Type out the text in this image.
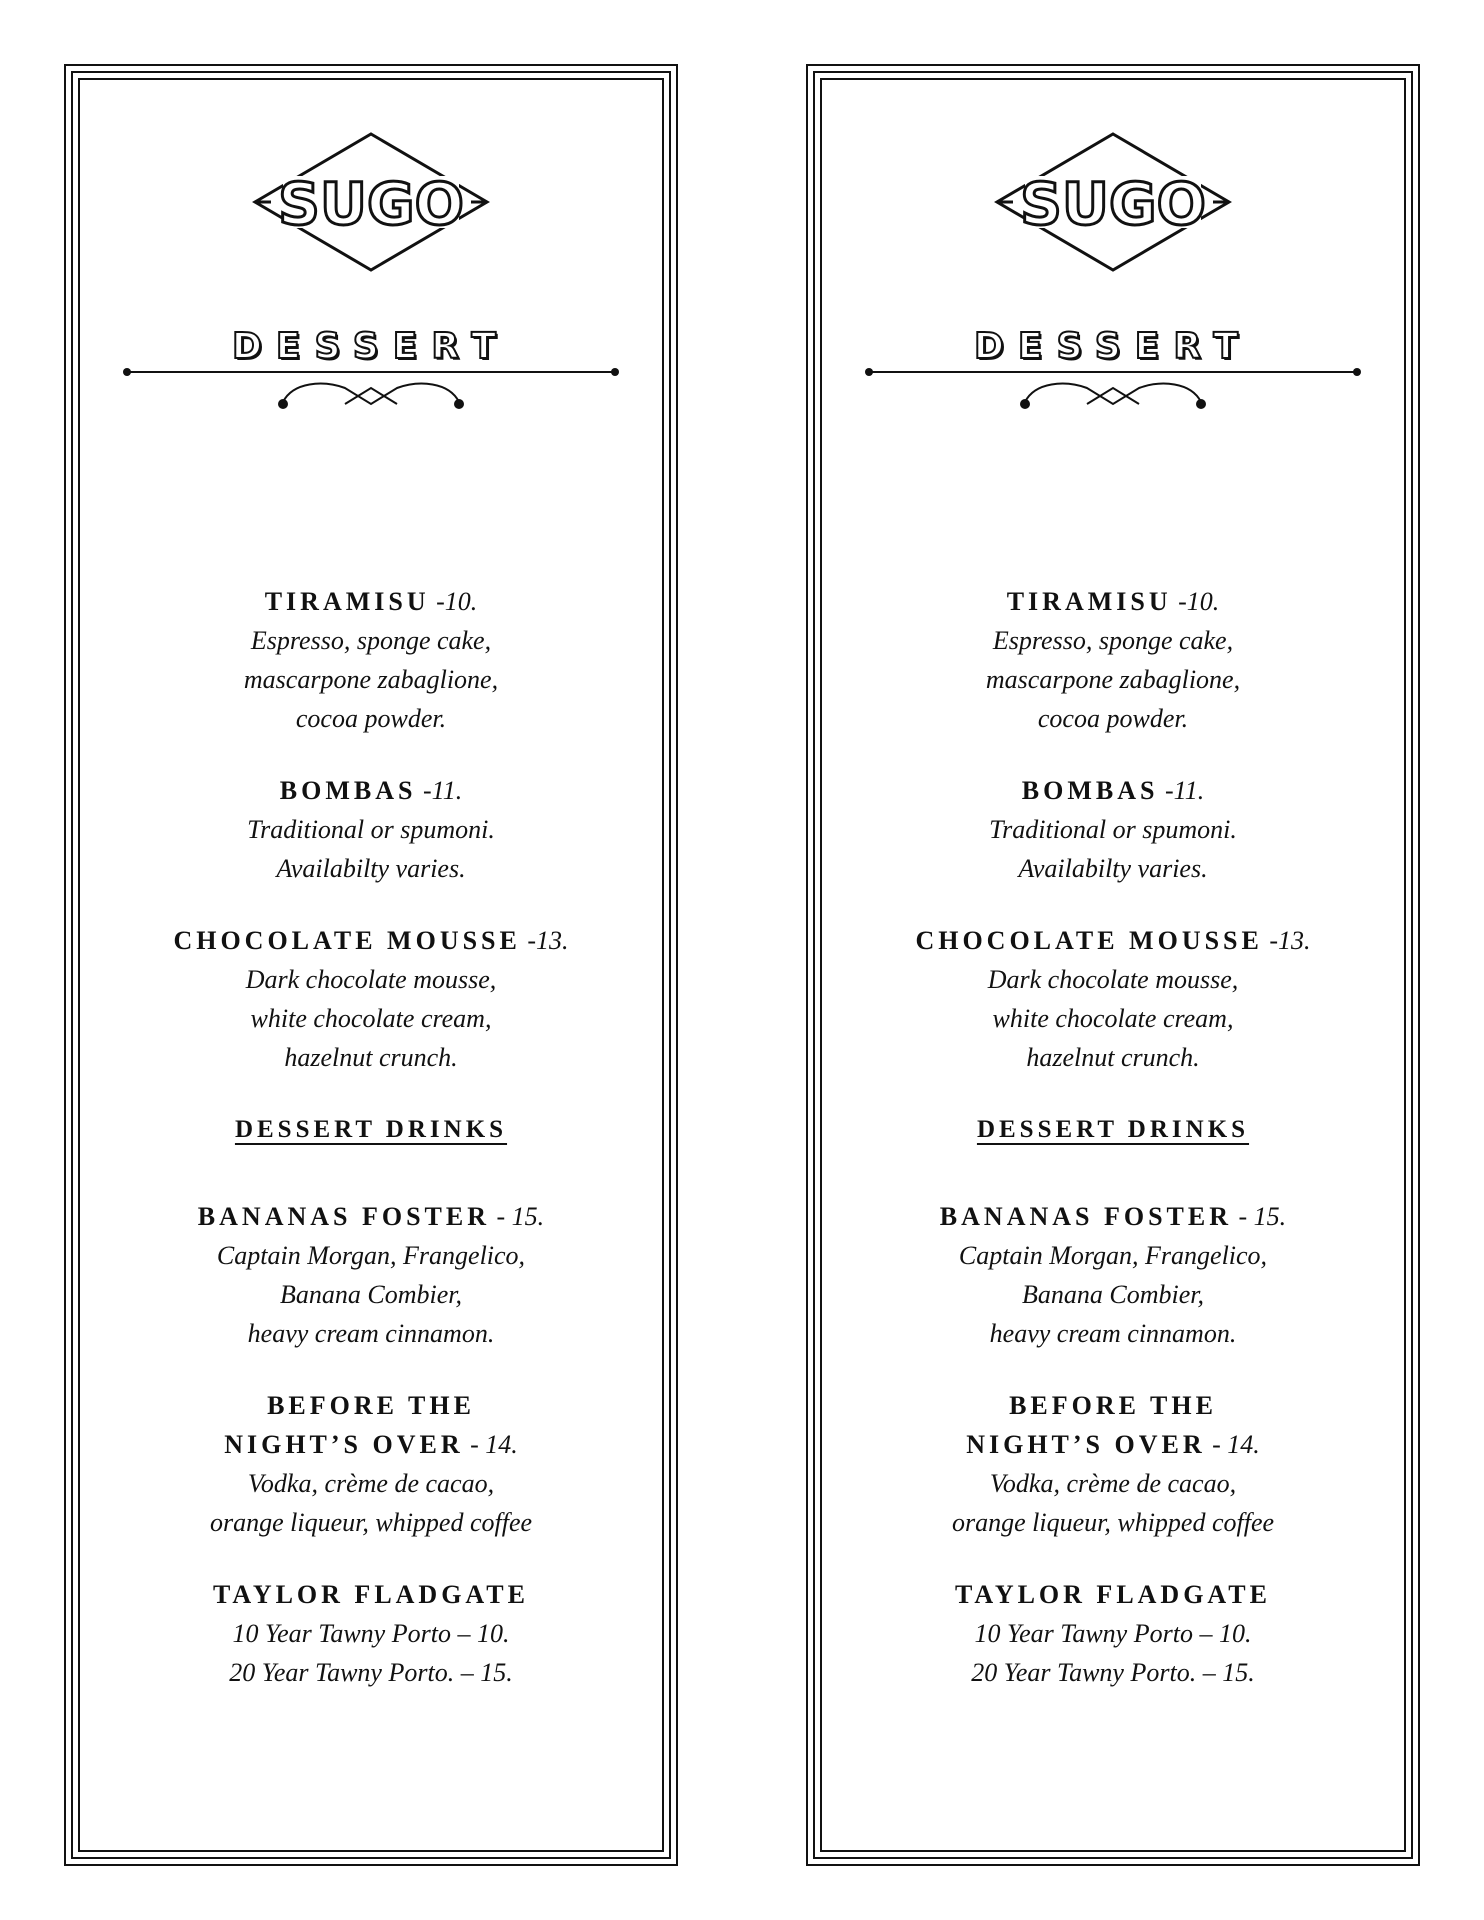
SUGO
DESSERT
TIRAMISU -10.
Espresso, sponge cake,
mascarpone zabaglione,
cocoa powder.
BOMBAS -11.
Traditional or spumoni.
Availabilty varies.
CHOCOLATE MOUSSE -13.
Dark chocolate mousse,
white chocolate cream,
hazelnut crunch.
DESSERT DRINKS
BANANAS FOSTER - 15.
Captain Morgan, Frangelico,
Banana Combier,
heavy cream cinnamon.
BEFORE THE
NIGHT’S OVER - 14.
Vodka, crème de cacao,
orange liqueur, whipped coffee
TAYLOR FLADGATE
10 Year Tawny Porto – 10.
20 Year Tawny Porto. – 15.
SUGO
DESSERT
TIRAMISU -10.
Espresso, sponge cake,
mascarpone zabaglione,
cocoa powder.
BOMBAS -11.
Traditional or spumoni.
Availabilty varies.
CHOCOLATE MOUSSE -13.
Dark chocolate mousse,
white chocolate cream,
hazelnut crunch.
DESSERT DRINKS
BANANAS FOSTER - 15.
Captain Morgan, Frangelico,
Banana Combier,
heavy cream cinnamon.
BEFORE THE
NIGHT’S OVER - 14.
Vodka, crème de cacao,
orange liqueur, whipped coffee
TAYLOR FLADGATE
10 Year Tawny Porto – 10.
20 Year Tawny Porto. – 15.
